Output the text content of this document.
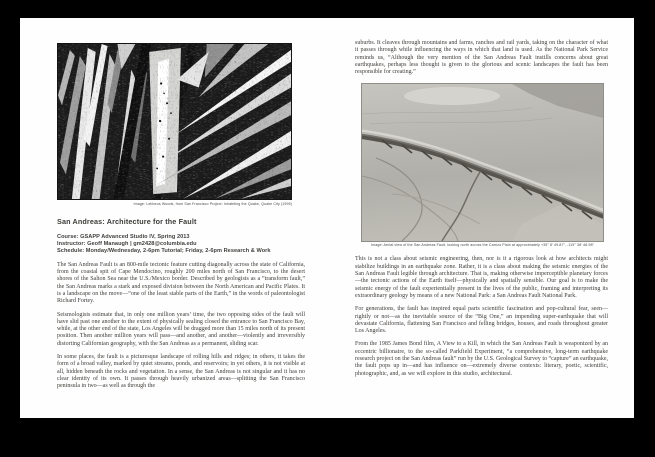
Image: Lebbeus Woods, from San Francisco Project: Inhabiting the Quake, Quake City (1995)
San Andreas: Architecture for the Fault
Course: GSAPP Advanced Studio IV, Spring 2013
Instructor: Geoff Manaugh | gm2428@columbia.edu
Schedule: Monday/Wednesday, 2-6pm Tutorial; Friday, 2-6pm Research & Work

The San Andreas Fault is an 800-mile tectonic feature cutting diagonally across the state of California, from the coastal spit of Cape Mendocino, roughly 200 miles north of San Francisco, to the desert shores of the Salton Sea near the U.S./Mexico border. Described by geologists as a “transform fault,” the San Andreas marks a stark and exposed division between the North American and Pacific Plates. It is a landscape on the move—“one of the least stable parts of the Earth,” in the words of paleontologist Richard Fortey.

Seismologists estimate that, in only one million years’ time, the two opposing sides of the fault will have slid past one another to the extent of physically sealing closed the entrance to San Francisco Bay, while, at the other end of the state, Los Angeles will be dragged more than 15 miles north of its present position. Then another million years will pass—and another, and another—violently and irreversibly distorting Californian geography, with the San Andreas as a permanent, sliding scar.

In some places, the fault is a picturesque landscape of rolling hills and ridges; in others, it takes the form of a broad valley, marked by quiet streams, ponds, and reservoirs; in yet others, it is not visible at all, hidden beneath the rocks and vegetation. In a sense, the San Andreas is not singular and it has no clear identity of its own. It passes through heavily urbanized areas—splitting the San Francisco peninsula in two—as well as through the

suburbs. It cleaves through mountains and farms, ranches and rail yards, taking on the character of what it passes through while influencing the ways in which that land is used. As the National Park Service reminds us, “Although the very mention of the San Andreas Fault instills concerns about great earthquakes, perhaps less thought is given to the glorious and scenic landscapes the fault has been responsible for creating.”

Image: Aerial view of the San Andreas Fault, looking north across the Carrizo Plain at approximately +35° 8′ 49.87″, -119° 38′ 48.98″

This is not a class about seismic engineering, then, nor is it a rigorous look at how architects might stabilize buildings in an earthquake zone. Rather, it is a class about making the seismic energies of the San Andreas Fault legible through architecture. That is, making otherwise imperceptible planetary forces—the tectonic actions of the Earth itself—physically and spatially sensible. Our goal is to make the seismic energy of the fault experientially present in the lives of the public, framing and interpreting its extraordinary geology by means of a new National Park: a San Andreas Fault National Park.

For generations, the fault has inspired equal parts scientific fascination and pop-cultural fear, seen—rightly or not—as the inevitable source of the “Big One,” an impending super-earthquake that will devastate California, flattening San Francisco and felling bridges, houses, and roads throughout greater Los Angeles.

From the 1985 James Bond film, A View to a Kill, in which the San Andreas Fault is weaponized by an eccentric billionaire, to the so-called Parkfield Experiment, “a comprehensive, long-term earthquake research project on the San Andreas fault” run by the U.S. Geological Survey to “capture” an earthquake, the fault pops up in—and has influence on—extremely diverse contexts: literary, poetic, scientific, photographic, and, as we will explore in this studio, architectural.
